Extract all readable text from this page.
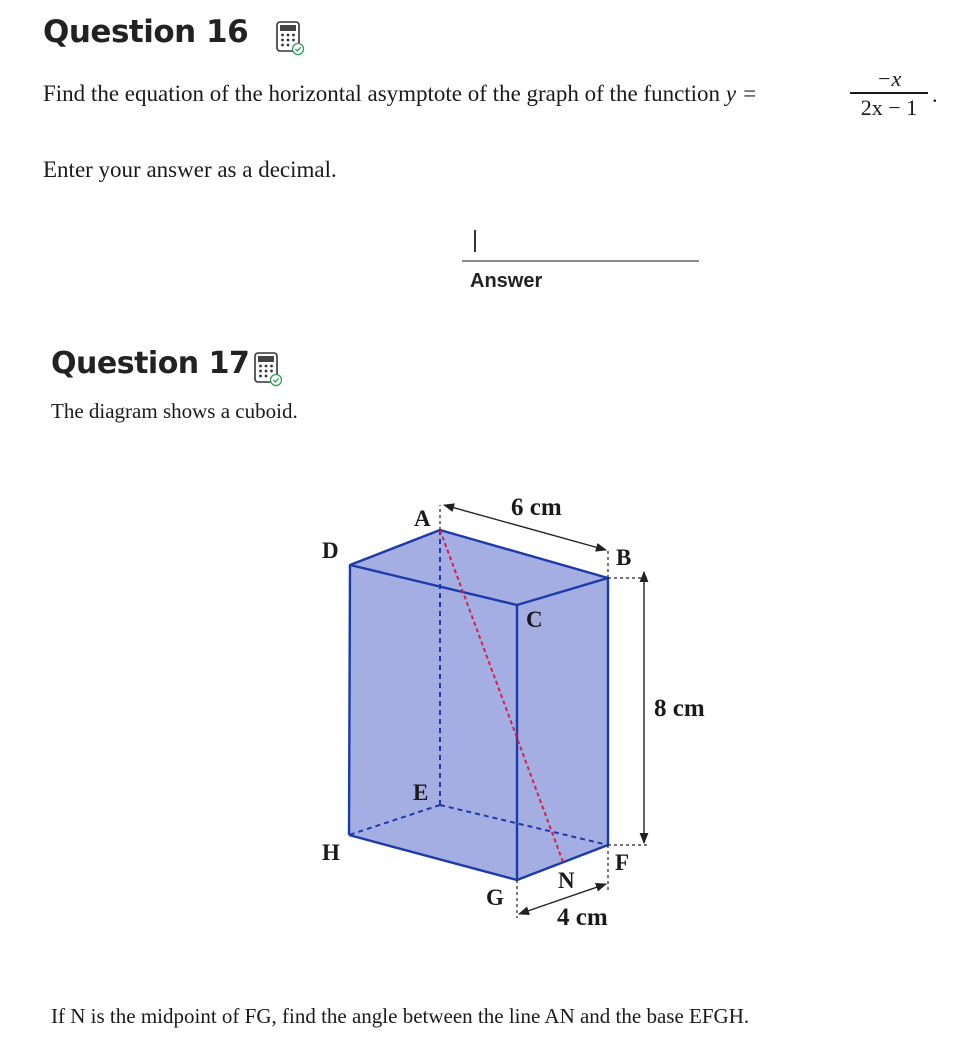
Question 16
Find the equation of the horizontal asymptote of the graph of the function y =
−x
2x − 1 .
Enter your answer as a decimal.
Answer
Question 17
The diagram shows a cuboid.
A
B
C
D
E
F
G
H
N
6 cm
8 cm
4 cm
If N is the midpoint of FG, find the angle between the line AN and the base EFGH.
